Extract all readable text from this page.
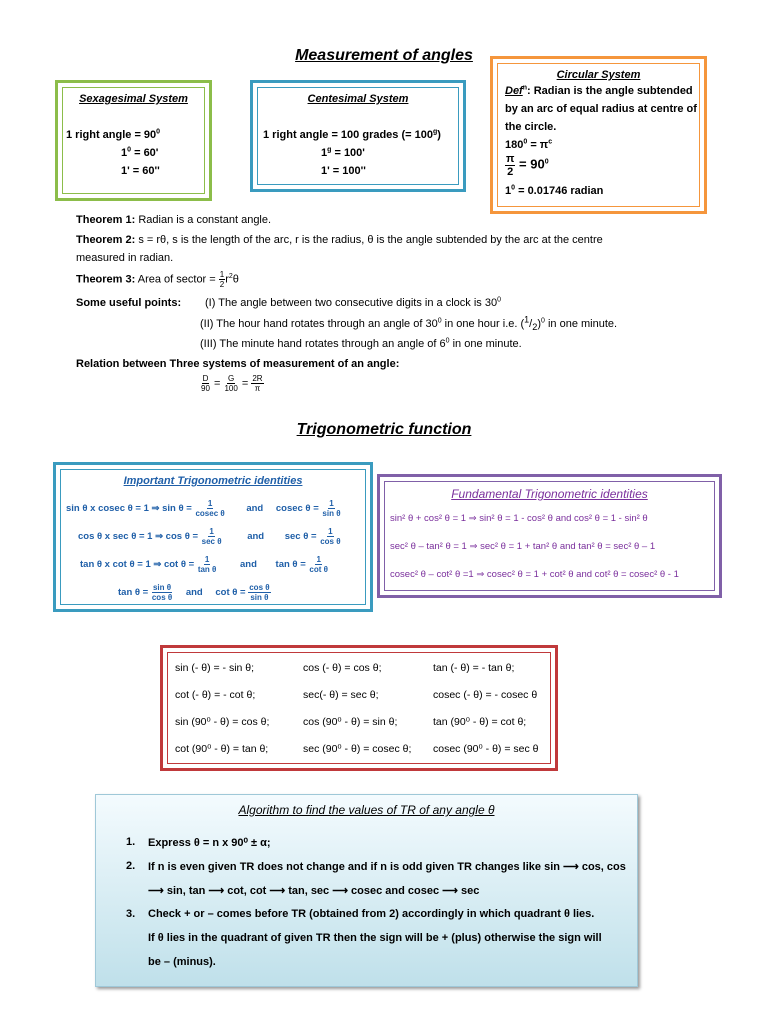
Measurement of angles
Sexagesimal System
1 right angle = $90^0$
$1^0 = 60'$
1' = 60''
Centesimal System
1 right angle = 100 grades (= $100^g$)
$1^g = 100'$
1' = 100''
Circular System
Def$^n$: Radian is the angle subtended
by an arc of equal radius at centre of
the circle.
$180^0 = \pi^c$
$\frac{\pi}{2} = 90^0$
$1^0 = 0.01746$ radian
Theorem 1: Radian is a constant angle.
Theorem 2: s = rθ, s is the length of the arc, r is the radius, θ is the angle subtended by the arc at the centre
measured in radian.
Theorem 3: Area of sector = $\frac{1}{2} r^2\theta$
Some useful points: (I) The angle between two consecutive digits in a clock is $30^0$
(II) The hour hand rotates through an angle of $30^0$ in one hour i.e. $(^1/_2)^0$ in one minute.
(III) The minute hand rotates through an angle of $6^0$ in one minute.
Relation between Three systems of measurement of an angle:
$\frac{D}{90} = \frac{G}{100} = \frac{2R}{\pi}$
Trigonometric function
Important Trigonometric identities
sin θ x cosec θ = 1 ⇒ $\sin \theta = \frac{1}{\text{cosec θ}}$ and cosec $\theta = \frac{1}{\text{sin θ}}$
cos θ x sec θ = 1 ⇒ $\cos \theta = \frac{1}{\text{sec θ}}$	and $\sec \theta = \frac{1}{\text{cos θ}}$
tan θ x cot θ = 1 ⇒ $\cot \theta = \frac{1}{\text{tan θ}}$ and $\tan \theta = \frac{1}{\text{cot θ}}$
$\tan \theta = \frac{\text{sin θ}}{\text{cos θ}}$ and $\cot \theta = \frac{\text{cos θ}}{\text{sin θ}}$
Fundamental Trigonometric identities
sin² θ + cos² θ = 1 ⇒ sin² θ = 1 - cos² θ and cos² θ = 1 - sin² θ
sec² θ – tan² θ = 1 ⇒ sec² θ = 1 + tan² θ and tan² θ = sec² θ – 1
cosec² θ – cot² θ =1 ⇒ cosec² θ = 1 + cot² θ and cot² θ = cosec² θ - 1
sin (- θ) = - sin θ;	cos (- θ) = cos θ;	tan (- θ) = - tan θ;
cot (- θ) = - cot θ;	sec(- θ) = sec θ;	cosec (- θ) = - cosec θ
sin (90⁰ - θ) = cos θ;	cos (90⁰ - θ) = sin θ;	tan (90⁰ - θ) = cot θ;
cot (90⁰ - θ) = tan θ;	sec (90⁰ - θ) = cosec θ;	cosec (90⁰ - θ) = sec θ
Algorithm to find the values of TR of any angle θ
1. Express θ = n x 90⁰ ± α;
2. If n is even given TR does not change and if n is odd given TR changes like sin ⟶ cos, cos
⟶ sin, tan ⟶ cot, cot ⟶ tan, sec ⟶ cosec and cosec ⟶ sec
3. Check + or – comes before TR (obtained from 2) accordingly in which quadrant θ lies.
If θ lies in the quadrant of given TR then the sign will be + (plus) otherwise the sign will
be – (minus).
